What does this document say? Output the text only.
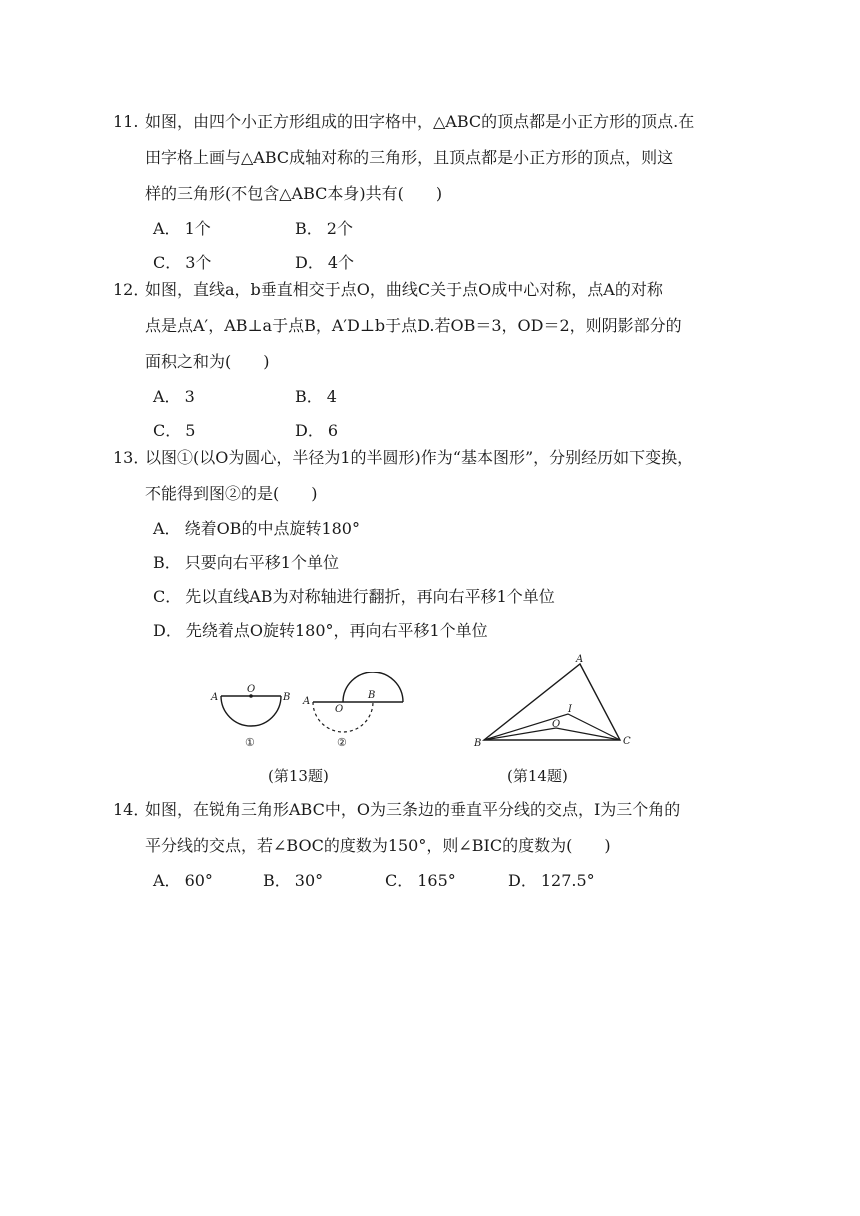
11. 如图，由四个小正方形组成的田字格中，△ABC的顶点都是小正方形的顶点.在
田字格上画与△ABC成轴对称的三角形，且顶点都是小正方形的顶点，则这
样的三角形(不包含△ABC本身)共有(　　)
A． 1个	B． 2个
C． 3个	D． 4个
12．
如图，直线a，b垂直相交于点O，曲线C关于点O成中心对称，点A的对称
点是点A′，AB⊥a于点B，A′D⊥b于点D.若OB＝3，OD＝2，则阴影部分的
面积之和为(　　)
A． 3	B． 4
C． 5	D． 6
13．
以图①(以O为圆心，半径为1的半圆形)作为“基本图形”，分别经历如下变换，
不能得到图②的是(　　)
A． 绕着OB的中点旋转180°
B． 只要向右平移1个单位
C． 先以直线AB为对称轴进行翻折，再向右平移1个单位
D． 先绕着点O旋转180°，再向右平移1个单位
A
O
B
①
A
O
B
②
(第13题)
A
B	C
I
O
(第14题)
14．
如图，在锐角三角形ABC中，O为三条边的垂直平分线的交点，I为三个角的
平分线的交点，若∠BOC的度数为150°，则∠BIC的度数为(　　)
A． 60°	B． 30°	C． 165°	D． 127.5°
